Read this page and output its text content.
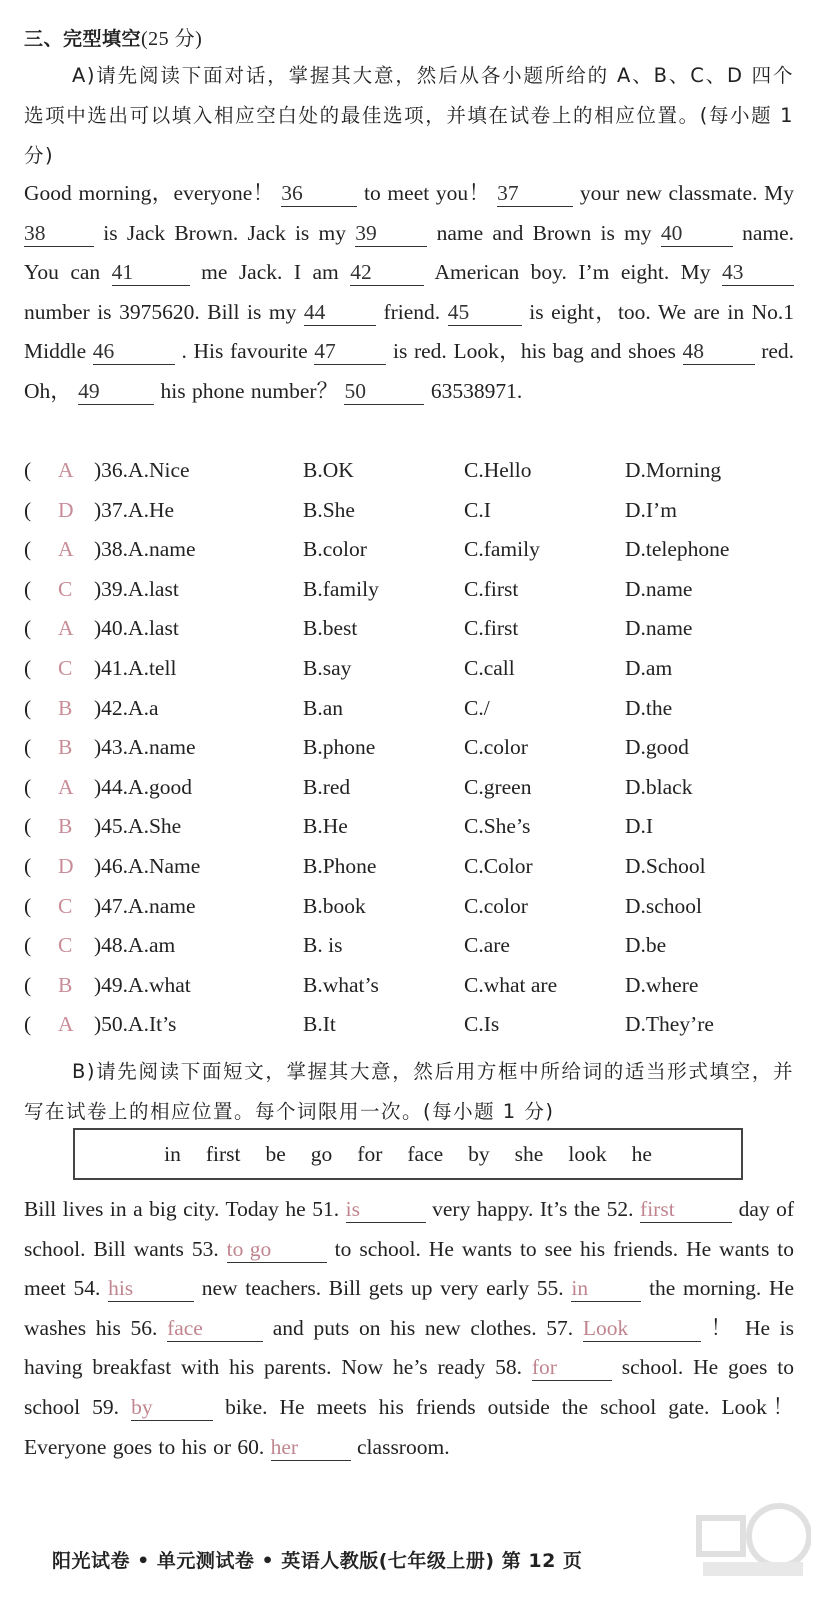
三、完型填空(25 分)
A)请先阅读下面对话，掌握其大意，然后从各小题所给的 A、B、C、D 四个选项中选出可以填入相应空白处的最佳选项，并填在试卷上的相应位置。(每小题 1 分)
Good morning，everyone！ 36	to meet you！ 37	your new classmate. My 38	is Jack Brown. Jack is my 39	name and Brown is my 40	name. You can 41	me Jack. I am 42	American boy. I’m eight. My 43 number is 3975620. Bill is my 44	friend. 45	is eight，too. We are in No.1 Middle 46	. His favourite 47	is red. Look，his bag and shoes 48	red. Oh， 49	his phone number？ 50	63538971.
( A )36.A.Nice	B.OK	C.Hello	D.Morning
( D )37.A.He	B.She	C.I	D.I’m
( A )38.A.name	B.color	C.family	D.telephone
( C )39.A.last	B.family	C.first	D.name
( A )40.A.last	B.best	C.first	D.name
( C )41.A.tell	B.say	C.call	D.am
( B )42.A.a	B.an	C./	D.the
( B )43.A.name	B.phone	C.color	D.good
( A )44.A.good	B.red	C.green	D.black
( B )45.A.She	B.He	C.She’s	D.I
( D )46.A.Name	B.Phone	C.Color	D.School
( C )47.A.name	B.book	C.color	D.school
( C )48.A.am	B. is	C.are	D.be
( B )49.A.what	B.what’s	C.what are	D.where
( A )50.A.It’s	B.It	C.Is	D.They’re
B)请先阅读下面短文，掌握其大意，然后用方框中所给词的适当形式填空，并写在试卷上的相应位置。每个词限用一次。(每小题 1 分)
in	first	be	go	for	face	by	she	look	he
Bill lives in a big city. Today he 51. is	very happy. It’s the 52. first	day of school. Bill wants 53. to go	to school. He wants to see his friends. He wants to meet 54. his	new teachers. Bill gets up very early 55. in	the morning. He washes his 56. face	and puts on his new clothes. 57. Look	！ He is having breakfast with his parents. Now he’s ready 58. for	school. He goes to school 59. by	bike. He meets his friends outside the school gate. Look！ Everyone goes to his or 60. her	classroom.
阳光试卷 • 单元测试卷 • 英语人教版(七年级上册) 第 12 页
